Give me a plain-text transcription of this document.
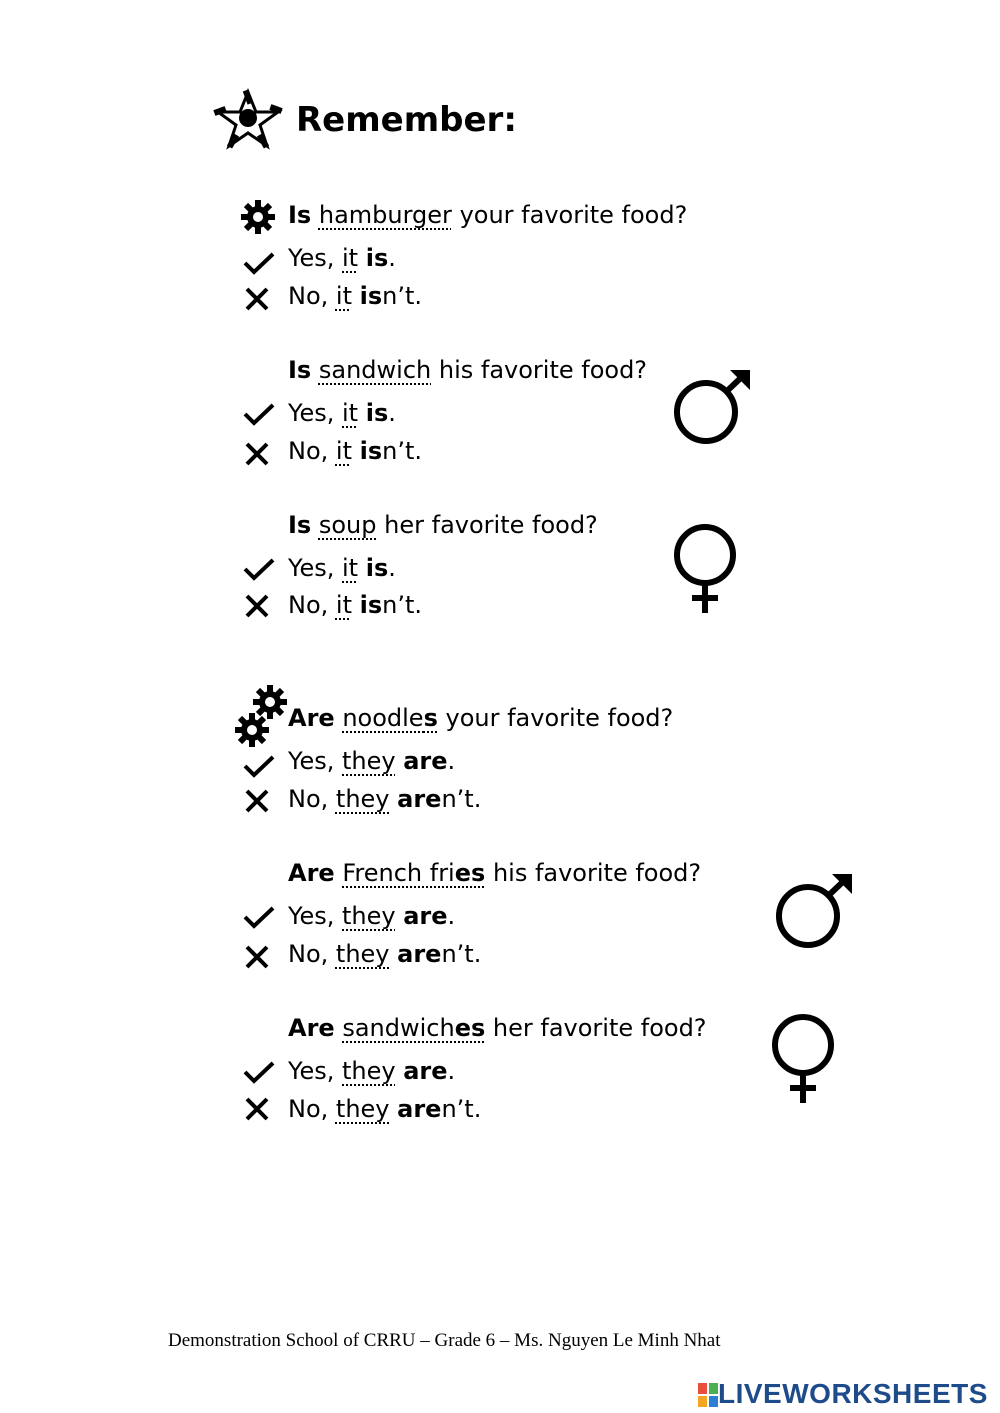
Remember:
Is hamburger your favorite food?
Yes, it is.
No, it isn’t.
Is sandwich his favorite food?
Yes, it is.
No, it isn’t.
Is soup her favorite food?
Yes, it is.
No, it isn’t.
Are noodles your favorite food?
Yes, they are.
No, they aren’t.
Are French fries his favorite food?
Yes, they are.
No, they aren’t.
Are sandwiches her favorite food?
Yes, they are.
No, they aren’t.
Demonstration School of CRRU – Grade 6 – Ms. Nguyen Le Minh Nhat
LIVEWORKSHEETS
